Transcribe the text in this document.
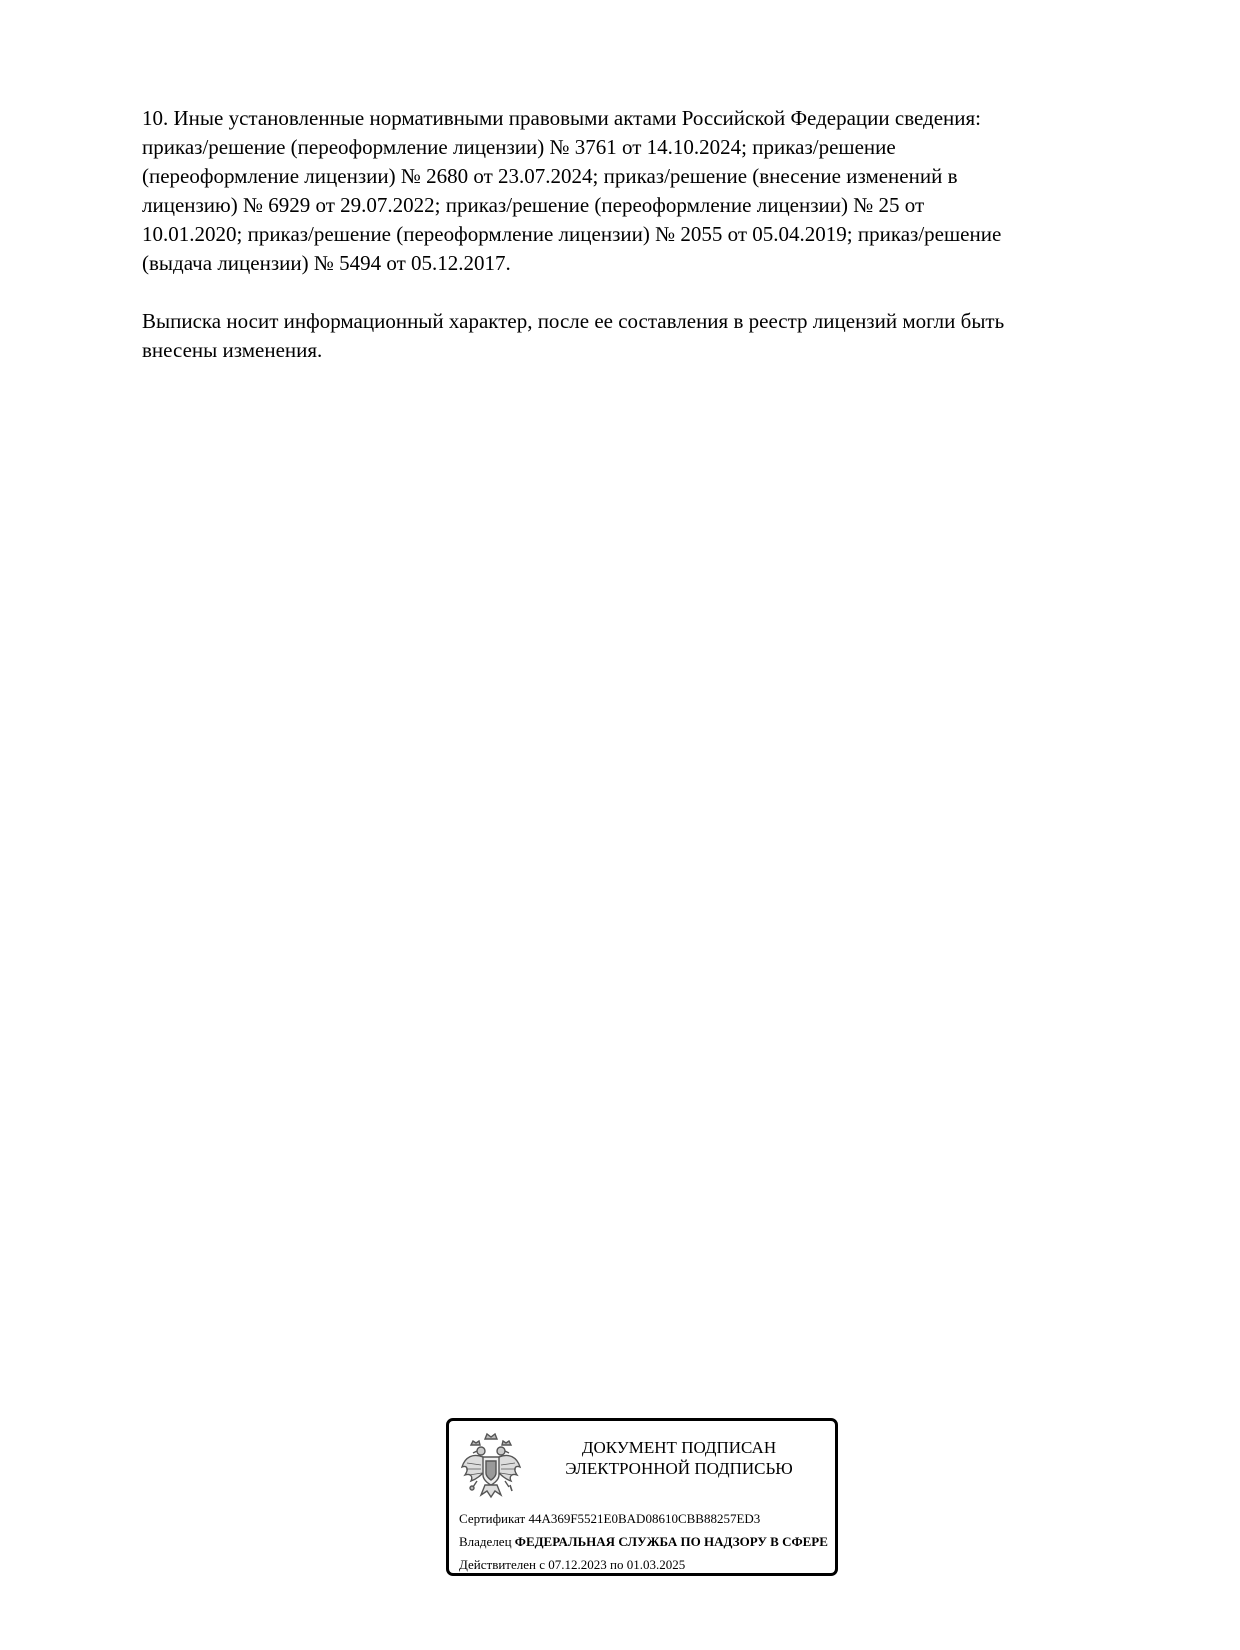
10. Иные установленные нормативными правовыми актами Российской Федерации сведения:
приказ/решение (переоформление лицензии) № 3761 от 14.10.2024; приказ/решение
(переоформление лицензии) № 2680 от 23.07.2024; приказ/решение (внесение изменений в
лицензию) № 6929 от 29.07.2022; приказ/решение (переоформление лицензии) № 25 от
10.01.2020; приказ/решение (переоформление лицензии) № 2055 от 05.04.2019; приказ/решение
(выдача лицензии) № 5494 от 05.12.2017.
Выписка носит информационный характер, после ее составления в реестр лицензий могли быть
внесены изменения.
ДОКУМЕНТ ПОДПИСАН
ЭЛЕКТРОННОЙ ПОДПИСЬЮ
Сертификат 44A369F5521E0BAD08610CBB88257ED3
Владелец ФЕДЕРАЛЬНАЯ СЛУЖБА ПО НАДЗОРУ В СФЕРЕ
Действителен с 07.12.2023 по 01.03.2025
